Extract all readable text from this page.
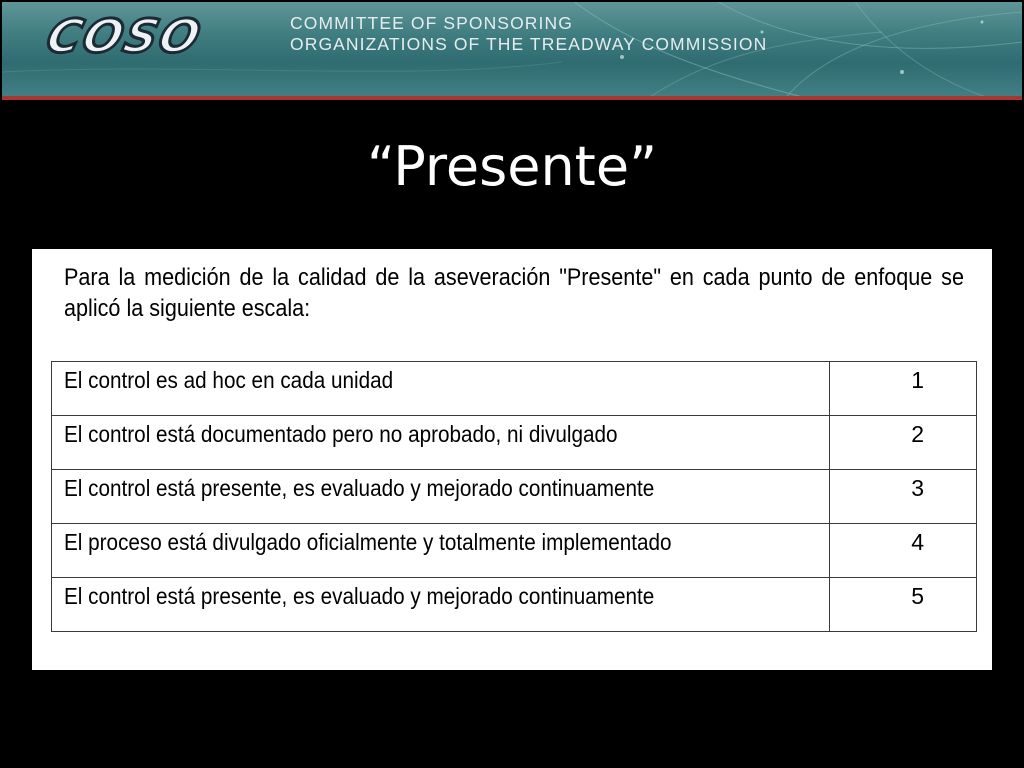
COSO	COMMITTEE OF SPONSORING
ORGANIZATIONS OF THE TREADWAY COMMISSION
“Presente”

Para la medición de la calidad de la aseveración "Presente" en cada punto de enfoque se aplicó la siguiente escala:

El control es ad hoc en cada unidad	1
El control está documentado pero no aprobado, ni divulgado	2
El control está presente, es evaluado y mejorado continuamente	3
El proceso está divulgado oficialmente y totalmente implementado	4
El control está presente, es evaluado y mejorado continuamente	5
